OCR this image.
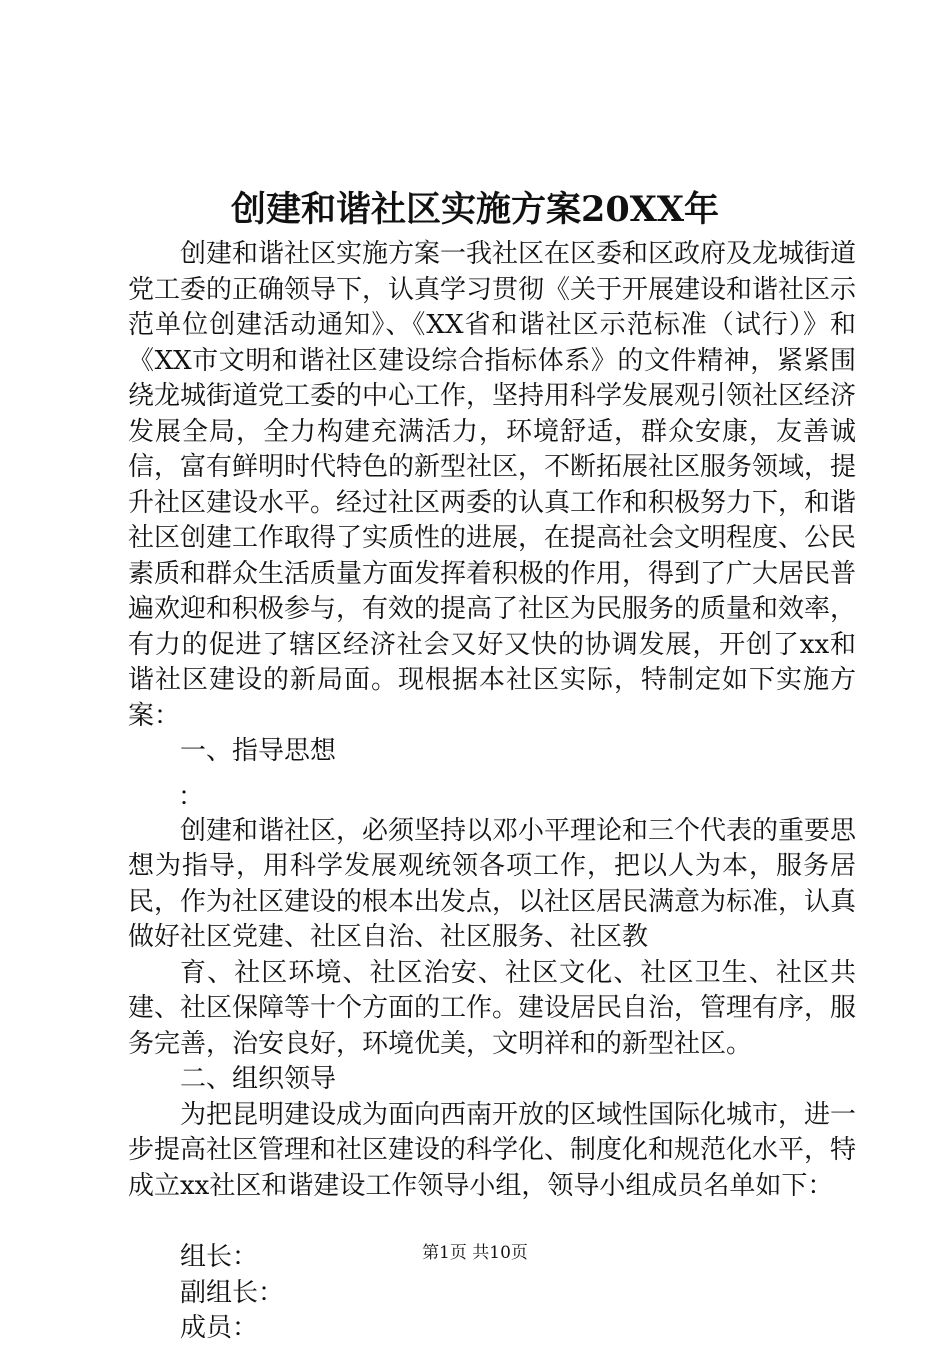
创建和谐社区实施方案20XX年

创建和谐社区实施方案一我社区在区委和区政府及龙城街道党工委的正确领导下，认真学习贯彻《关于开展建设和谐社区示范单位创建活动通知》、《XX省和谐社区示范标准（试行）》和《XX市文明和谐社区建设综合指标体系》的文件精神，紧紧围绕龙城街道党工委的中心工作，坚持用科学发展观引领社区经济发展全局，全力构建充满活力，环境舒适，群众安康，友善诚信，富有鲜明时代特色的新型社区，不断拓展社区服务领域，提升社区建设水平。经过社区两委的认真工作和积极努力下，和谐社区创建工作取得了实质性的进展，在提高社会文明程度、公民素质和群众生活质量方面发挥着积极的作用，得到了广大居民普遍欢迎和积极参与，有效的提高了社区为民服务的质量和效率，有力的促进了辖区经济社会又好又快的协调发展，开创了xx和谐社区建设的新局面。现根据本社区实际，特制定如下实施方案：

一、指导思想

：

创建和谐社区，必须坚持以邓小平理论和三个代表的重要思想为指导，用科学发展观统领各项工作，把以人为本，服务居民，作为社区建设的根本出发点，以社区居民满意为标准，认真做好社区党建、社区自治、社区服务、社区教

育、社区环境、社区治安、社区文化、社区卫生、社区共建、社区保障等十个方面的工作。建设居民自治，管理有序，服务完善，治安良好，环境优美，文明祥和的新型社区。

二、组织领导

为把昆明建设成为面向西南开放的区域性国际化城市，进一步提高社区管理和社区建设的科学化、制度化和规范化水平，特成立xx社区和谐建设工作领导小组，领导小组成员名单如下：

组长：

副组长：

成员：

第1页 共10页
